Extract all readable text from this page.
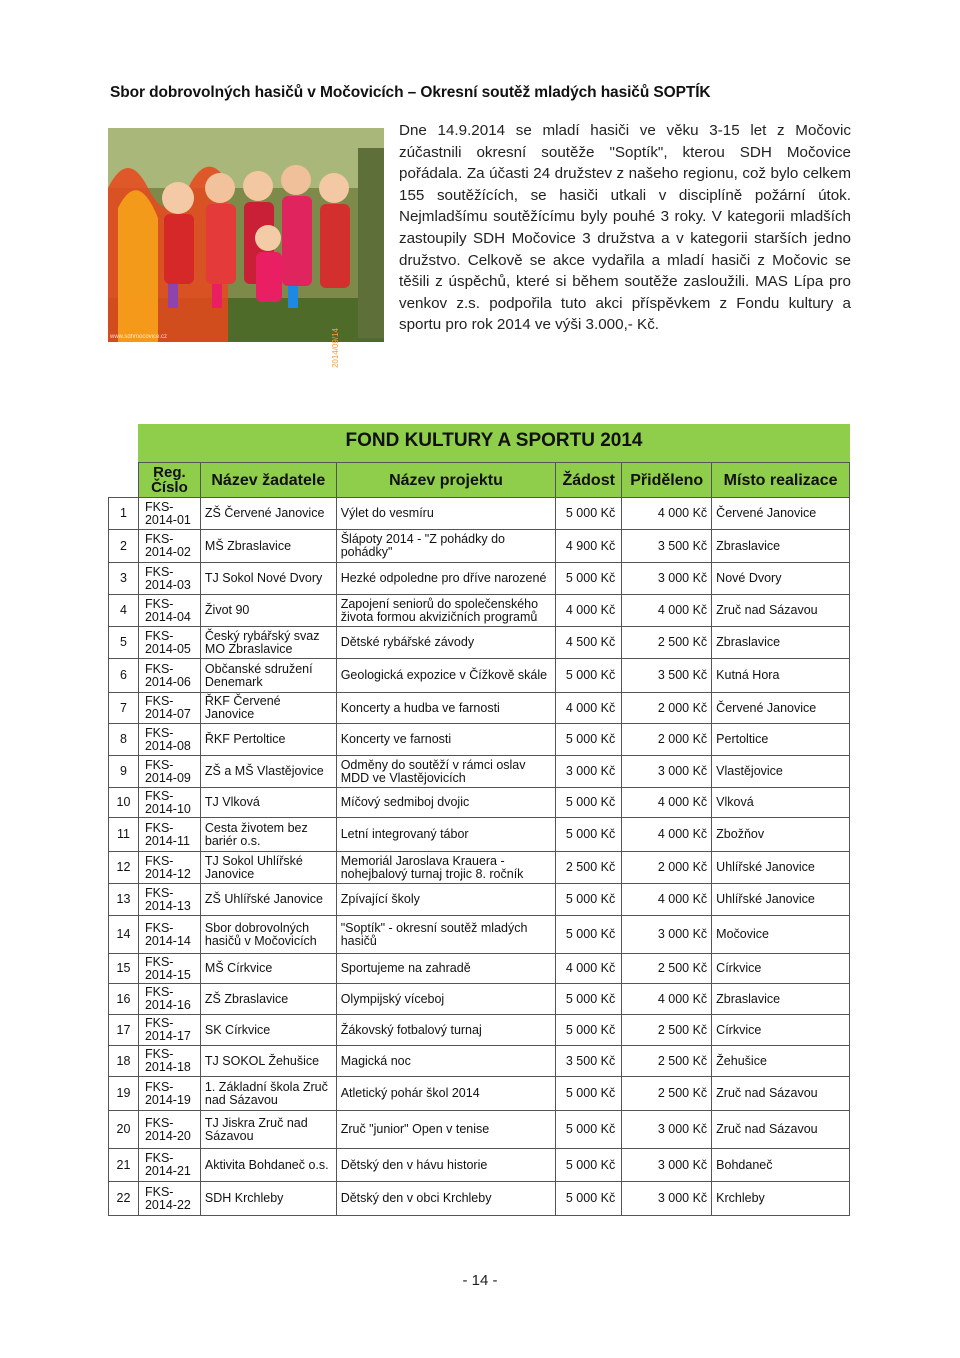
Sbor dobrovolných hasičů v Močovicích – Okresní soutěž mladých hasičů SOPTÍK
2014/09/14
www.sdhmocovice.cz
Dne 14.9.2014 se mladí hasiči ve věku 3-15 let z Močovic zúčastnili okresní soutěže "Soptík", kterou SDH Močovice pořádala. Za účasti 24 družstev z našeho regionu, což bylo celkem 155 soutěžících, se hasiči utkali v disciplíně požární útok. Nejmladšímu soutěžícímu byly pouhé 3 roky. V kategorii mladších zastoupily SDH Močovice 3 družstva a v kategorii starších jedno družstvo. Celkově se akce vydařila a mladí hasiči z Močovic se těšili z úspěchů, které si během soutěže zasloužili. MAS Lípa pro venkov z.s. podpořila tuto akci příspěvkem z Fondu kultury a sportu pro rok 2014 ve výši 3.000,- Kč.
FOND KULTURY A SPORTU 2014
	Reg. Číslo	Název žadatele	Název projektu	Žádost	Přiděleno	Místo realizace
1	FKS-2014-01	ZŠ Červené Janovice	Výlet do vesmíru	5 000 Kč	4 000 Kč	Červené Janovice
2	FKS-2014-02	MŠ Zbraslavice	Šlápoty 2014 - "Z pohádky do pohádky"	4 900 Kč	3 500 Kč	Zbraslavice
3	FKS-2014-03	TJ Sokol Nové Dvory	Hezké odpoledne pro dříve narozené	5 000 Kč	3 000 Kč	Nové Dvory
4	FKS-2014-04	Život 90	Zapojení seniorů do společenského života formou akvizičních programů	4 000 Kč	4 000 Kč	Zruč nad Sázavou
5	FKS-2014-05	Český rybářský svaz MO Zbraslavice	Dětské rybářské závody	4 500 Kč	2 500 Kč	Zbraslavice
6	FKS-2014-06	Občanské sdružení Denemark	Geologická expozice v Čížkově skále	5 000 Kč	3 500 Kč	Kutná Hora
7	FKS-2014-07	ŘKF Červené Janovice	Koncerty a hudba ve farnosti	4 000 Kč	2 000 Kč	Červené Janovice
8	FKS-2014-08	ŘKF Pertoltice	Koncerty ve farnosti	5 000 Kč	2 000 Kč	Pertoltice
9	FKS-2014-09	ZŠ a MŠ Vlastějovice	Odměny do soutěží v rámci oslav MDD ve Vlastějovicích	3 000 Kč	3 000 Kč	Vlastějovice
10	FKS-2014-10	TJ Vlková	Míčový sedmiboj dvojic	5 000 Kč	4 000 Kč	Vlková
11	FKS-2014-11	Cesta životem bez bariér o.s.	Letní integrovaný tábor	5 000 Kč	4 000 Kč	Zbožňov
12	FKS-2014-12	TJ Sokol Uhlířské Janovice	Memoriál Jaroslava Krauera - nohejbalový turnaj trojic 8. ročník	2 500 Kč	2 000 Kč	Uhlířské Janovice
13	FKS-2014-13	ZŠ Uhlířské Janovice	Zpívající školy	5 000 Kč	4 000 Kč	Uhlířské Janovice
14	FKS-2014-14	Sbor dobrovolných hasičů v Močovicích	"Soptík" - okresní soutěž mladých hasičů	5 000 Kč	3 000 Kč	Močovice
15	FKS-2014-15	MŠ Církvice	Sportujeme na zahradě	4 000 Kč	2 500 Kč	Církvice
16	FKS-2014-16	ZŠ Zbraslavice	Olympijský víceboj	5 000 Kč	4 000 Kč	Zbraslavice
17	FKS-2014-17	SK Církvice	Žákovský fotbalový turnaj	5 000 Kč	2 500 Kč	Církvice
18	FKS-2014-18	TJ SOKOL Žehušice	Magická noc	3 500 Kč	2 500 Kč	Žehušice
19	FKS-2014-19	1. Základní škola Zruč nad Sázavou	Atletický pohár škol 2014	5 000 Kč	2 500 Kč	Zruč nad Sázavou
20	FKS-2014-20	TJ Jiskra Zruč nad Sázavou	Zruč "junior" Open v tenise	5 000 Kč	3 000 Kč	Zruč nad Sázavou
21	FKS-2014-21	Aktivita Bohdaneč o.s.	Dětský den v hávu historie	5 000 Kč	3 000 Kč	Bohdaneč
22	FKS-2014-22	SDH Krchleby	Dětský den v obci Krchleby	5 000 Kč	3 000 Kč	Krchleby
- 14 -
